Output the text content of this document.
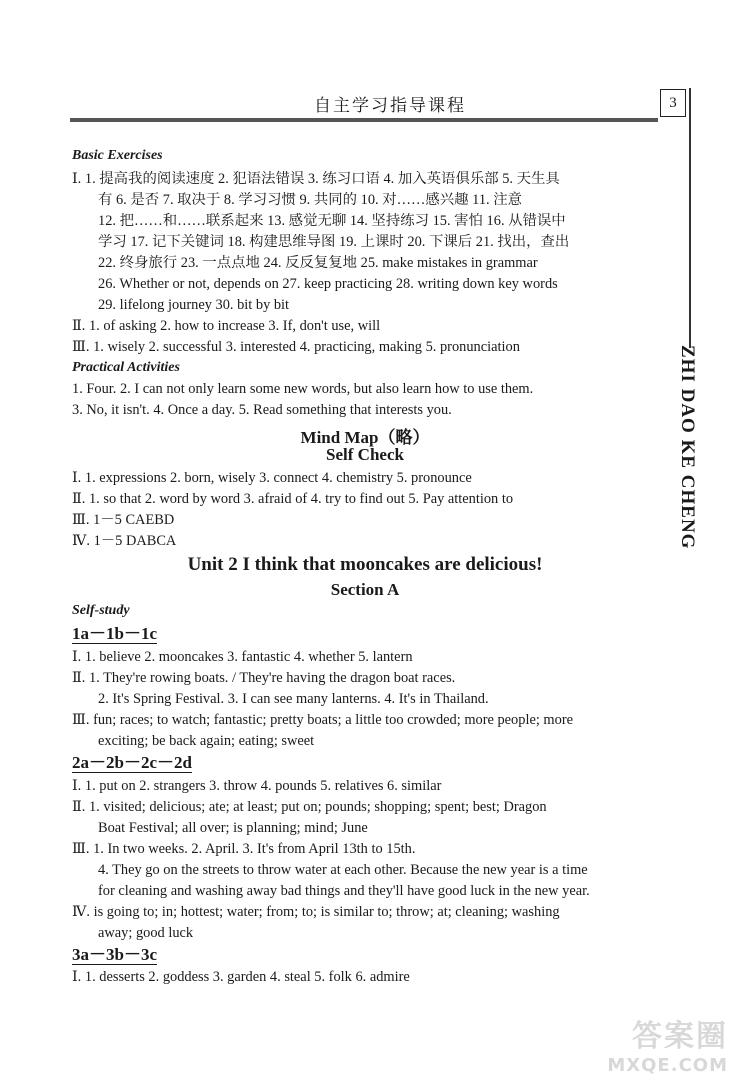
自主学习指导课程	3
ZHI DAO KE CHENG
Basic Exercises
Ⅰ. 1. 提高我的阅读速度 2. 犯语法错误 3. 练习口语 4. 加入英语俱乐部 5. 天生具
有 6. 是否 7. 取决于 8. 学习习惯 9. 共同的 10. 对……感兴趣 11. 注意
12. 把……和……联系起来 13. 感觉无聊 14. 坚持练习 15. 害怕 16. 从错误中
学习 17. 记下关键词 18. 构建思维导图 19. 上课时 20. 下课后 21. 找出，查出
22. 终身旅行 23. 一点点地 24. 反反复复地 25. make mistakes in grammar
26. Whether or not, depends on 27. keep practicing 28. writing down key words
29. lifelong journey 30. bit by bit
Ⅱ. 1. of asking 2. how to increase 3. If, don't use, will
Ⅲ. 1. wisely 2. successful 3. interested 4. practicing, making 5. pronunciation
Practical Activities
1. Four. 2. I can not only learn some new words, but also learn how to use them.
3. No, it isn't. 4. Once a day. 5. Read something that interests you.
Mind Map（略）
Self Check
Ⅰ. 1. expressions 2. born, wisely 3. connect 4. chemistry 5. pronounce
Ⅱ. 1. so that 2. word by word 3. afraid of 4. try to find out 5. Pay attention to
Ⅲ. 1－5 CAEBD
Ⅳ. 1－5 DABCA
Unit 2 I think that mooncakes are delicious!
Section A
Self-study
1a－1b－1c
Ⅰ. 1. believe 2. mooncakes 3. fantastic 4. whether 5. lantern
Ⅱ. 1. They're rowing boats. / They're having the dragon boat races.
2. It's Spring Festival. 3. I can see many lanterns. 4. It's in Thailand.
Ⅲ. fun; races; to watch; fantastic; pretty boats; a little too crowded; more people; more
exciting; be back again; eating; sweet
2a－2b－2c－2d
Ⅰ. 1. put on 2. strangers 3. throw 4. pounds 5. relatives 6. similar
Ⅱ. 1. visited; delicious; ate; at least; put on; pounds; shopping; spent; best; Dragon
Boat Festival; all over; is planning; mind; June
Ⅲ. 1. In two weeks. 2. April. 3. It's from April 13th to 15th.
4. They go on the streets to throw water at each other. Because the new year is a time
for cleaning and washing away bad things and they'll have good luck in the new year.
Ⅳ. is going to; in; hottest; water; from; to; is similar to; throw; at; cleaning; washing
away; good luck
3a－3b－3c
Ⅰ. 1. desserts 2. goddess 3. garden 4. steal 5. folk 6. admire
答案圈
MXQE.COM
